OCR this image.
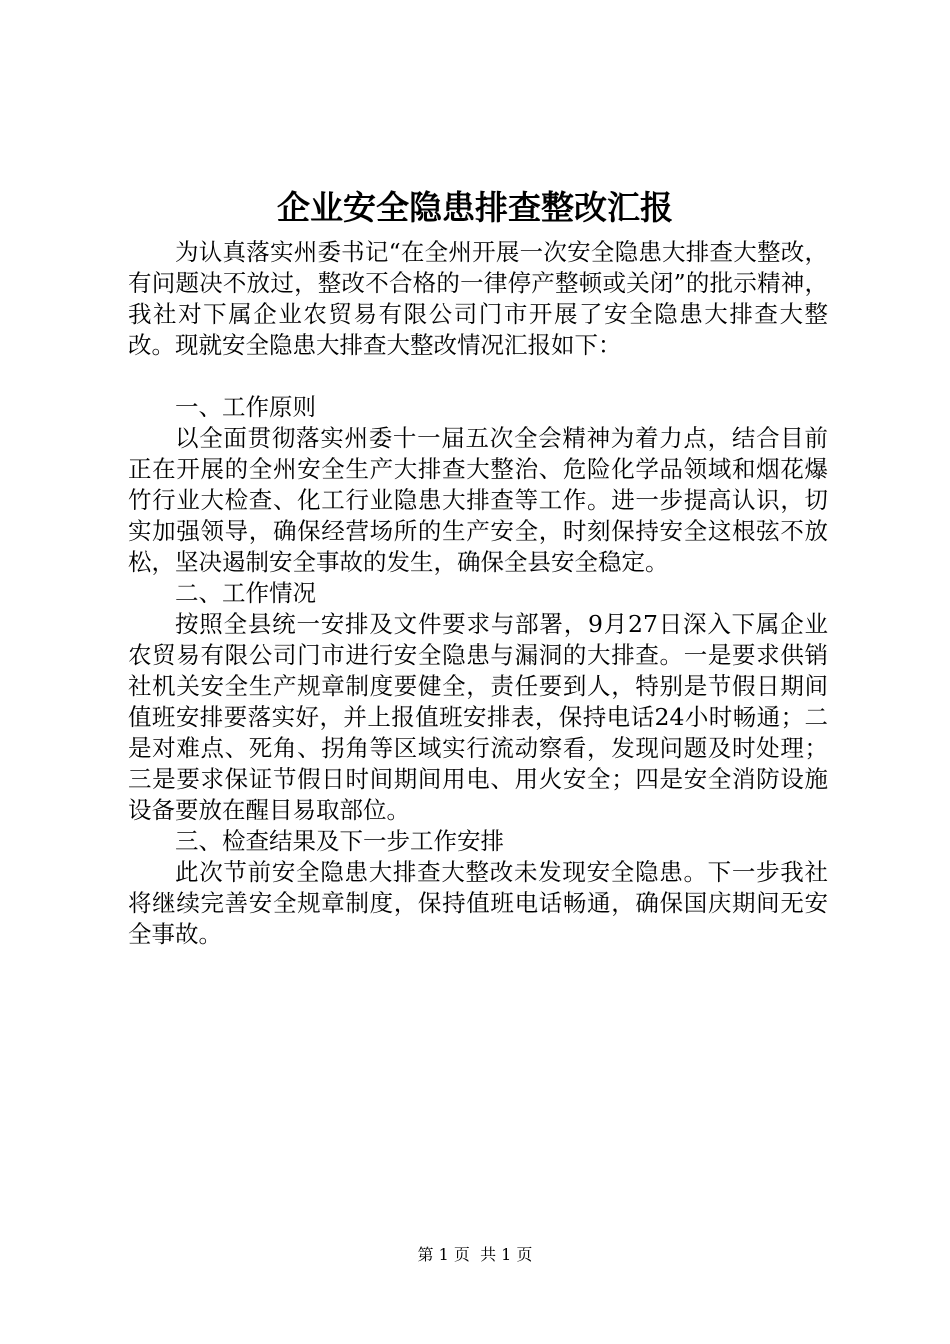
企业安全隐患排查整改汇报

为认真落实州委书记“在全州开展一次安全隐患大排查大整改，有问题决不放过，整改不合格的一律停产整顿或关闭”的批示精神，我社对下属企业农贸易有限公司门市开展了安全隐患大排查大整改。现就安全隐患大排查大整改情况汇报如下：

一、工作原则

以全面贯彻落实州委十一届五次全会精神为着力点，结合目前正在开展的全州安全生产大排查大整治、危险化学品领域和烟花爆竹行业大检查、化工行业隐患大排查等工作。进一步提高认识，切实加强领导，确保经营场所的生产安全，时刻保持安全这根弦不放松，坚决遏制安全事故的发生，确保全县安全稳定。

二、工作情况

按照全县统一安排及文件要求与部署，9月27日深入下属企业农贸易有限公司门市进行安全隐患与漏洞的大排查。一是要求供销社机关安全生产规章制度要健全，责任要到人，特别是节假日期间值班安排要落实好，并上报值班安排表，保持电话24小时畅通；二是对难点、死角、拐角等区域实行流动察看，发现问题及时处理；三是要求保证节假日时间期间用电、用火安全；四是安全消防设施设备要放在醒目易取部位。

三、检查结果及下一步工作安排

此次节前安全隐患大排查大整改未发现安全隐患。下一步我社将继续完善安全规章制度，保持值班电话畅通，确保国庆期间无安全事故。

第 1 页 共 1 页
